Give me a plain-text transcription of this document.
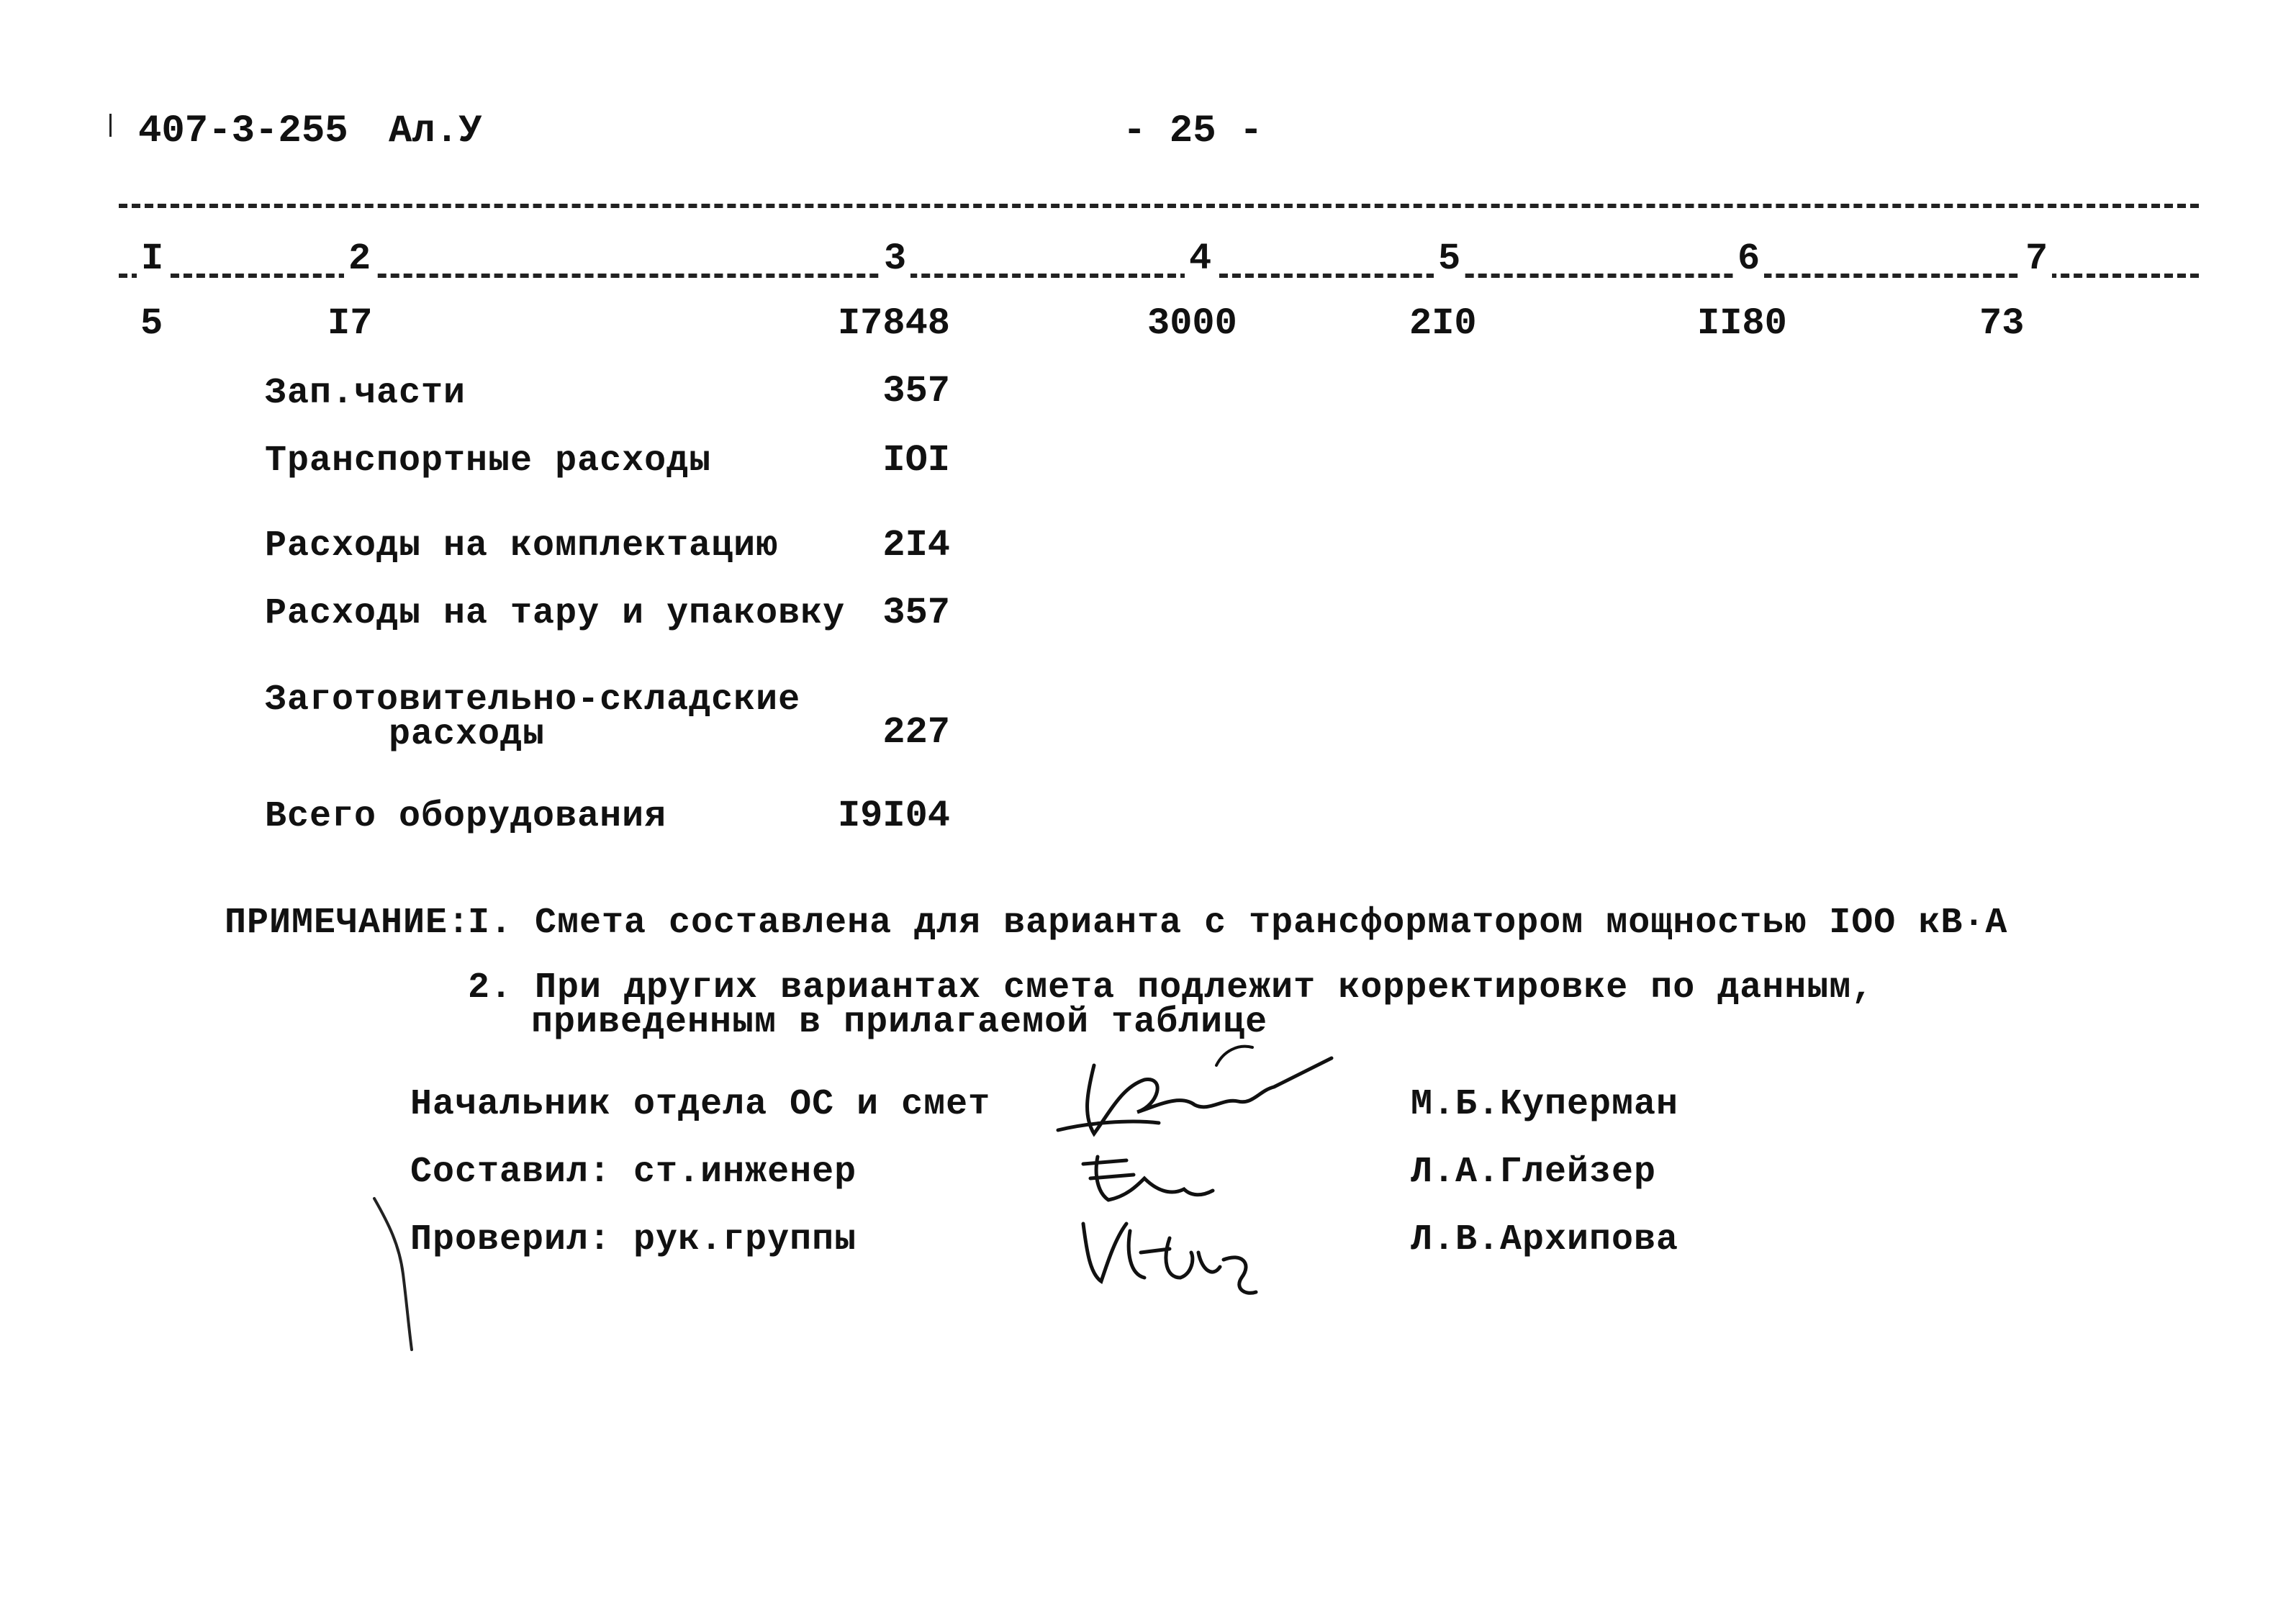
407-3-255 Ал.У	- 25 -
I	2	3	4	5	6	7
5	I7	I7848	3000	2I0	II80	73
Зап.части	357
Транспортные расходы	IOI
Расходы на комплектацию	2I4
Расходы на тару и упаковку	357
Заготовительно-складские
расходы	227
Всего оборудования	I9I04
ПРИМЕЧАНИЕ:
I. Смета составлена для варианта с трансформатором мощностью IOO кВ·А
2. При других вариантах смета подлежит корректировке по данным,
приведенным в прилагаемой таблице
Начальник отдела ОС и смет	М.Б.Куперман
Составил: ст.инженер	Л.А.Глейзер
Проверил: рук.группы	Л.В.Архипова
